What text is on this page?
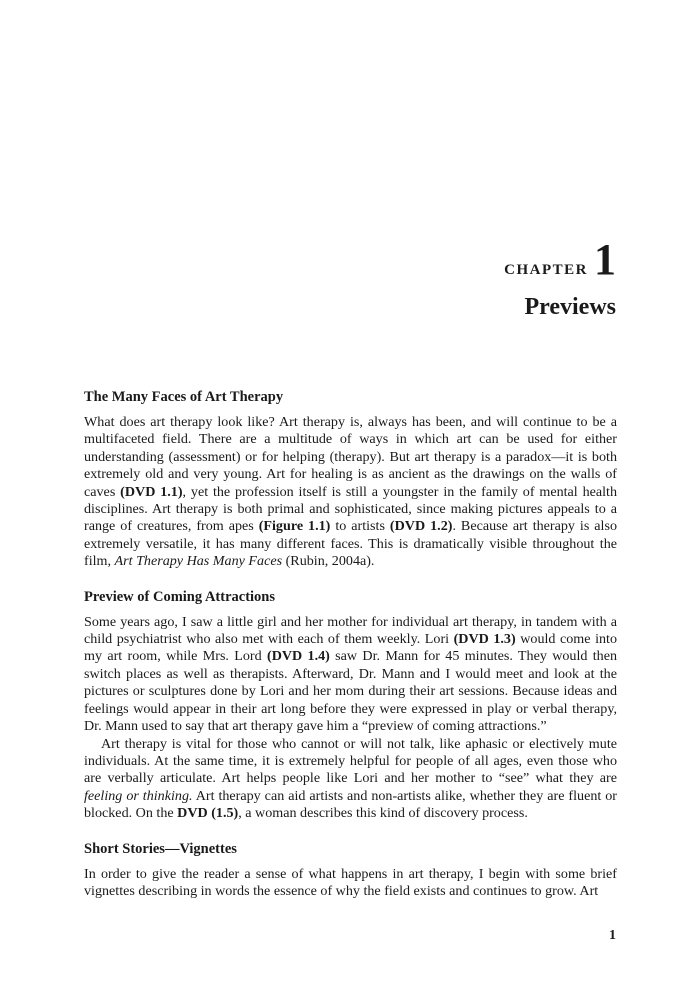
CHAPTER 1
Previews
The Many Faces of Art Therapy

What does art therapy look like? Art therapy is, always has been, and will continue to be a multifaceted field. There are a multitude of ways in which art can be used for either understanding (assessment) or for helping (therapy). But art therapy is a paradox—it is both extremely old and very young. Art for healing is as ancient as the drawings on the walls of caves (DVD 1.1), yet the profession itself is still a youngster in the family of mental health disciplines. Art therapy is both primal and sophisticated, since making pictures appeals to a range of creatures, from apes (Figure 1.1) to artists (DVD 1.2). Because art therapy is also extremely versatile, it has many different faces. This is dramatically visible throughout the film, Art Therapy Has Many Faces (Rubin, 2004a).

Preview of Coming Attractions

Some years ago, I saw a little girl and her mother for individual art therapy, in tandem with a child psychiatrist who also met with each of them weekly. Lori (DVD 1.3) would come into my art room, while Mrs. Lord (DVD 1.4) saw Dr. Mann for 45 minutes. They would then switch places as well as therapists. Afterward, Dr. Mann and I would meet and look at the pictures or sculptures done by Lori and her mom during their art sessions. Because ideas and feelings would appear in their art long before they were expressed in play or verbal therapy, Dr. Mann used to say that art therapy gave him a “preview of coming attractions.”

Art therapy is vital for those who cannot or will not talk, like aphasic or electively mute individuals. At the same time, it is extremely helpful for people of all ages, even those who are verbally articulate. Art helps people like Lori and her mother to “see” what they are feeling or thinking. Art therapy can aid artists and non-artists alike, whether they are fluent or blocked. On the DVD (1.5), a woman describes this kind of discovery process.

Short Stories—Vignettes

In order to give the reader a sense of what happens in art therapy, I begin with some brief vignettes describing in words the essence of why the field exists and continues to grow. Art

1
